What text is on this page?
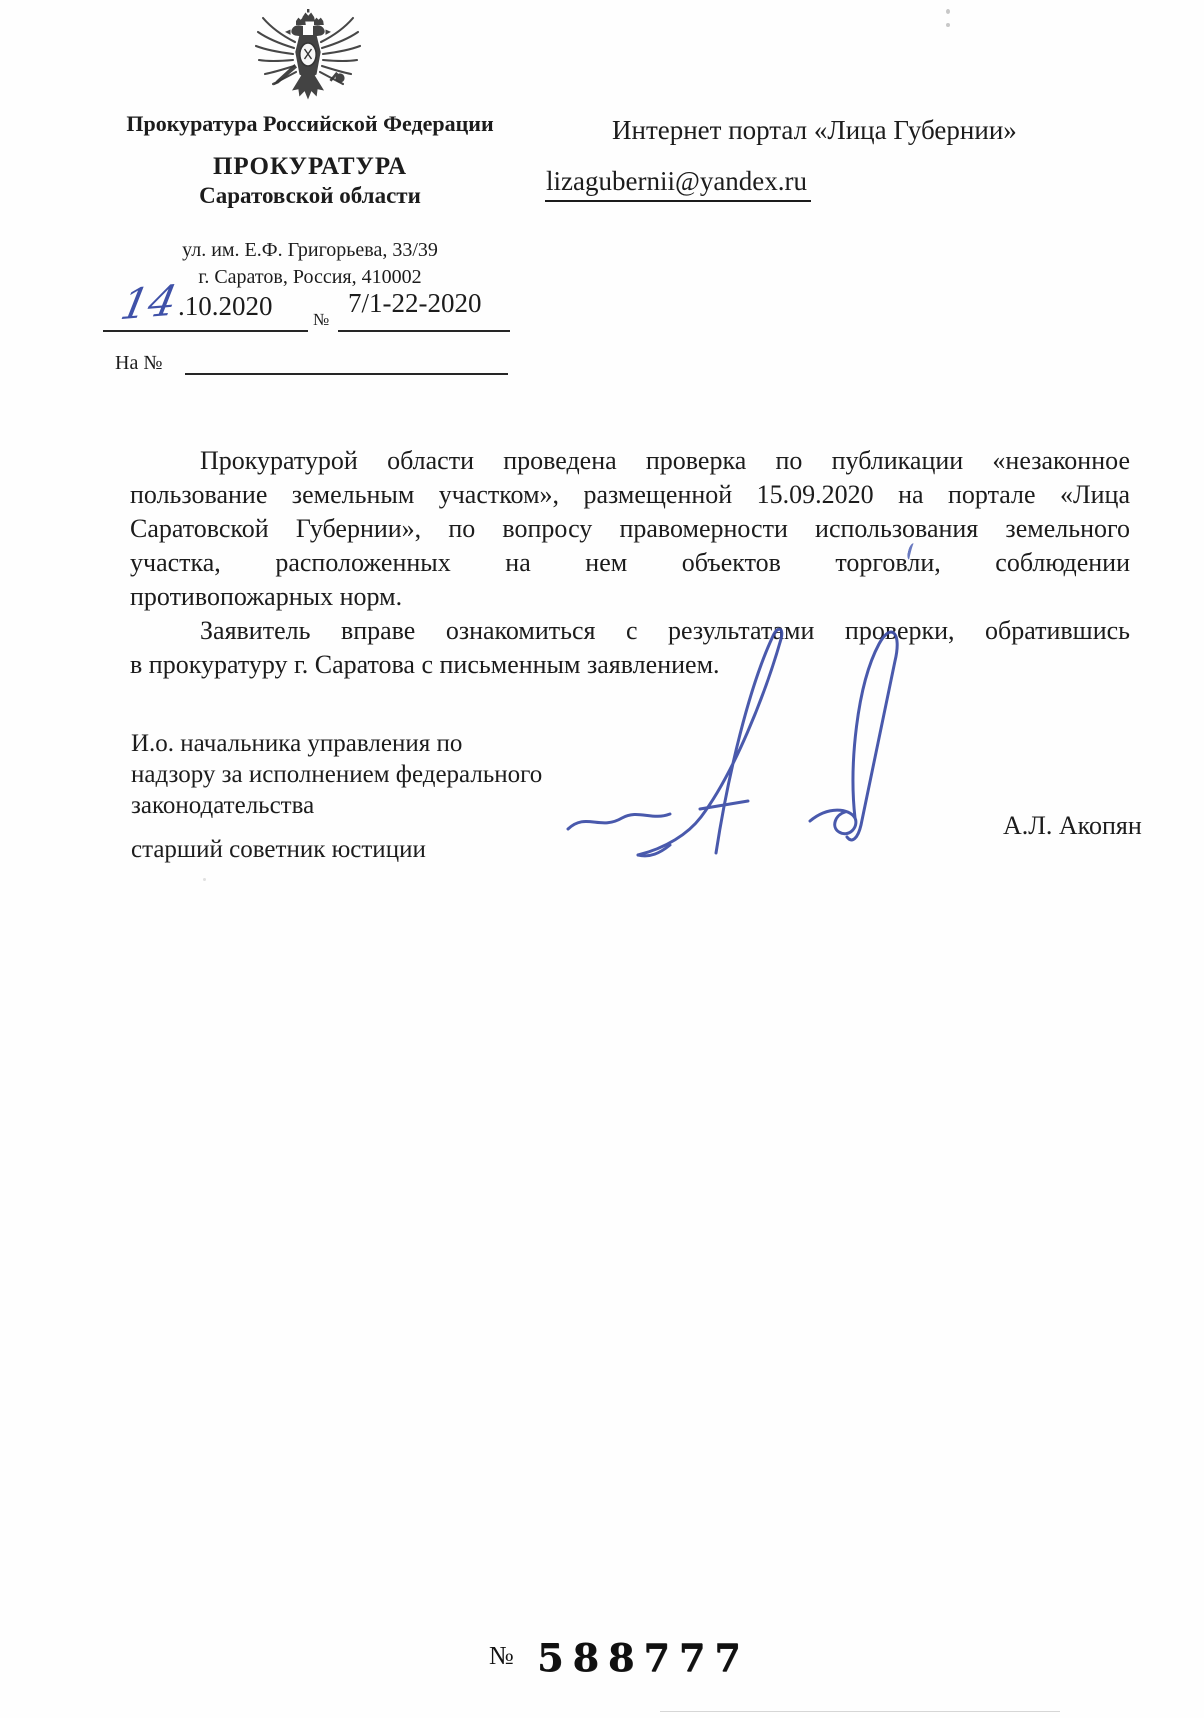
Прокуратура Российской Федерации
ПРОКУРАТУРА
Саратовской области
ул. им. Е.Ф. Григорьева, 33/39
г. Саратов, Россия, 410002
14
.10.2020 №
7/1-22-2020
На №
Интернет портал «Лица Губернии»
lizagubernii@yandex.ru
Прокуратурой области проведена проверка по публикации «незаконное
пользование земельным участком», размещенной 15.09.2020 на портале «Лица
Саратовской Губернии», по вопросу правомерности использования земельного
участка, расположенных на нем объектов торговли, соблюдении
противопожарных норм.
Заявитель вправе ознакомиться с результатами проверки, обратившись
в прокуратуру г. Саратова с письменным заявлением.
И.о. начальника управления по
надзору за исполнением федерального
законодательства
старший советник юстиции
А.Л. Акопян
№ 588777
